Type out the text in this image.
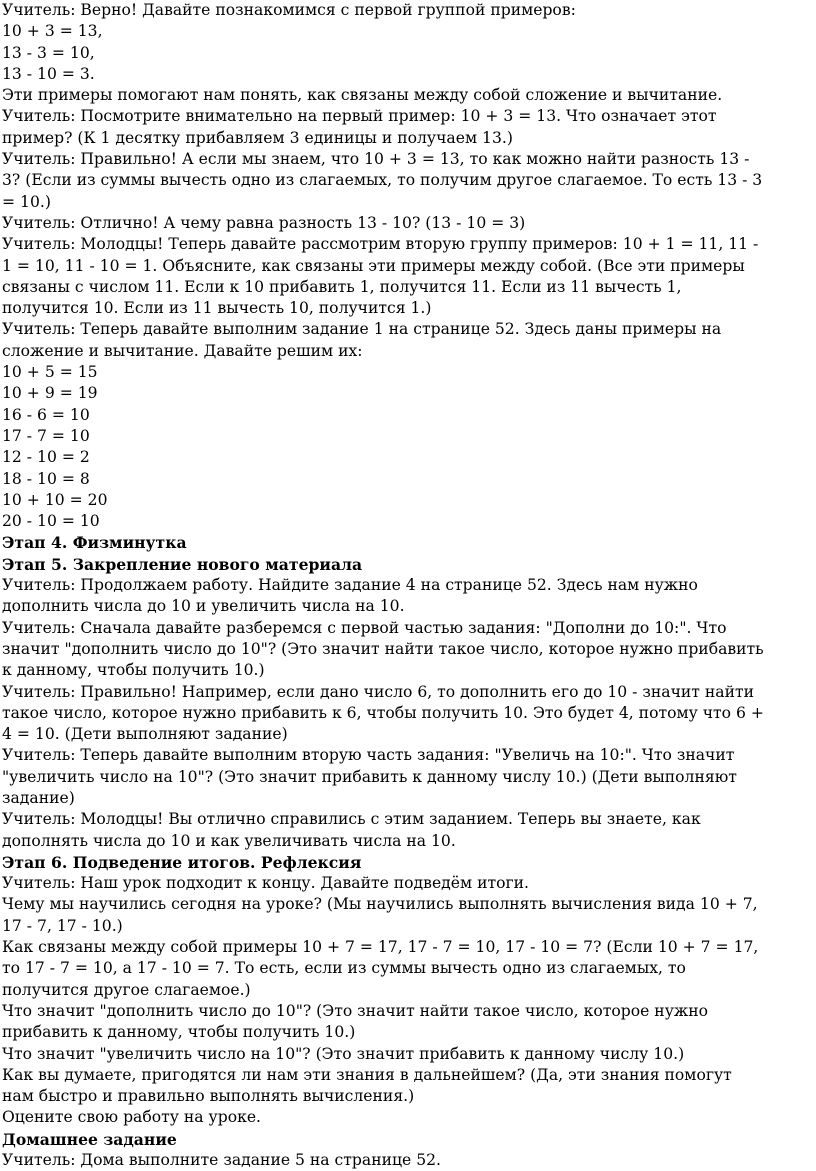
Учитель: Верно! Давайте познакомимся с первой группой примеров:
10 + 3 = 13,
13 - 3 = 10,
13 - 10 = 3.
Эти примеры помогают нам понять, как связаны между собой сложение и вычитание.
Учитель: Посмотрите внимательно на первый пример: 10 + 3 = 13. Что означает этот
пример? (К 1 десятку прибавляем 3 единицы и получаем 13.)
Учитель: Правильно! А если мы знаем, что 10 + 3 = 13, то как можно найти разность 13 -
3? (Если из суммы вычесть одно из слагаемых, то получим другое слагаемое. То есть 13 - 3
= 10.)
Учитель: Отлично! А чему равна разность 13 - 10? (13 - 10 = 3)
Учитель: Молодцы! Теперь давайте рассмотрим вторую группу примеров: 10 + 1 = 11, 11 -
1 = 10, 11 - 10 = 1. Объясните, как связаны эти примеры между собой. (Все эти примеры
связаны с числом 11. Если к 10 прибавить 1, получится 11. Если из 11 вычесть 1,
получится 10. Если из 11 вычесть 10, получится 1.)
Учитель: Теперь давайте выполним задание 1 на странице 52. Здесь даны примеры на
сложение и вычитание. Давайте решим их:
10 + 5 = 15
10 + 9 = 19
16 - 6 = 10
17 - 7 = 10
12 - 10 = 2
18 - 10 = 8
10 + 10 = 20
20 - 10 = 10
Этап 4. Физминутка
Этап 5. Закрепление нового материала
Учитель: Продолжаем работу. Найдите задание 4 на странице 52. Здесь нам нужно
дополнить числа до 10 и увеличить числа на 10.
Учитель: Сначала давайте разберемся с первой частью задания: "Дополни до 10:". Что
значит "дополнить число до 10"? (Это значит найти такое число, которое нужно прибавить
к данному, чтобы получить 10.)
Учитель: Правильно! Например, если дано число 6, то дополнить его до 10 - значит найти
такое число, которое нужно прибавить к 6, чтобы получить 10. Это будет 4, потому что 6 +
4 = 10. (Дети выполняют задание)
Учитель: Теперь давайте выполним вторую часть задания: "Увеличь на 10:". Что значит
"увеличить число на 10"? (Это значит прибавить к данному числу 10.) (Дети выполняют
задание)
Учитель: Молодцы! Вы отлично справились с этим заданием. Теперь вы знаете, как
дополнять числа до 10 и как увеличивать числа на 10.
Этап 6. Подведение итогов. Рефлексия
Учитель: Наш урок подходит к концу. Давайте подведём итоги.
Чему мы научились сегодня на уроке? (Мы научились выполнять вычисления вида 10 + 7,
17 - 7, 17 - 10.)
Как связаны между собой примеры 10 + 7 = 17, 17 - 7 = 10, 17 - 10 = 7? (Если 10 + 7 = 17,
то 17 - 7 = 10, а 17 - 10 = 7. То есть, если из суммы вычесть одно из слагаемых, то
получится другое слагаемое.)
Что значит "дополнить число до 10"? (Это значит найти такое число, которое нужно
прибавить к данному, чтобы получить 10.)
Что значит "увеличить число на 10"? (Это значит прибавить к данному числу 10.)
Как вы думаете, пригодятся ли нам эти знания в дальнейшем? (Да, эти знания помогут
нам быстро и правильно выполнять вычисления.)
Оцените свою работу на уроке.
Домашнее задание
Учитель: Дома выполните задание 5 на странице 52.
